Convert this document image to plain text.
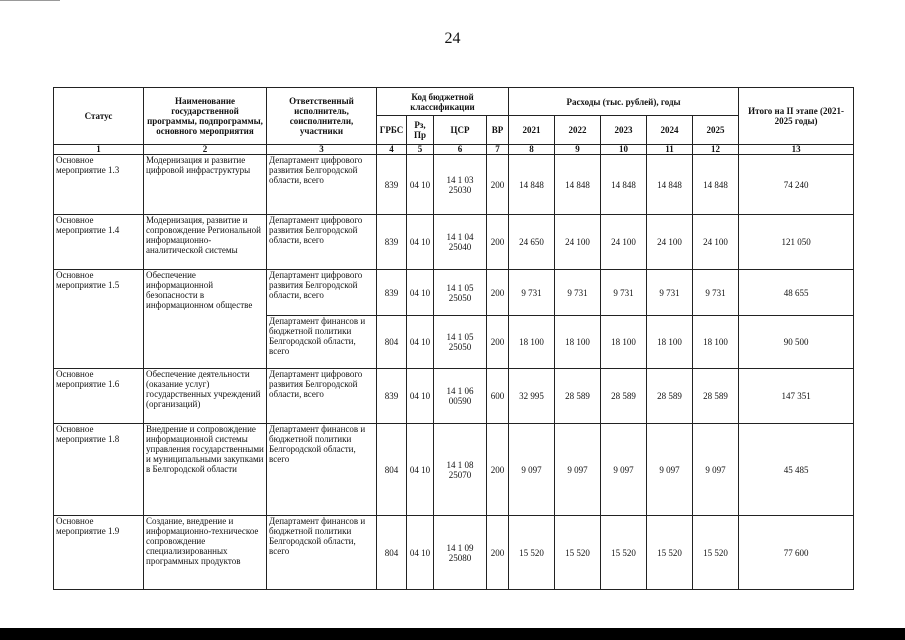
24
Статус	Наименование государственной программы, подпрограммы, основного мероприятия	Ответственный исполнитель, соисполнители, участники	Код бюджетной классификации				Расходы (тыс. рублей), годы					Итого на II этапе (2021-2025 годы)
			ГРБС	Рз, Пр	ЦСР	ВР	2021	2022	2023	2024	2025	
1	2	3	4	5	6	7	8	9	10	11	12	13
Основное мероприятие 1.3	Модернизация и развитие цифровой инфраструктуры	Департамент цифрового развития Белгородской области, всего	839	04 10	14 1 03 25030	200	14 848	14 848	14 848	14 848	14 848	74 240
Основное мероприятие 1.4	Модернизация, развитие и сопровождение Региональной информационно-аналитической системы	Департамент цифрового развития Белгородской области, всего	839	04 10	14 1 04 25040	200	24 650	24 100	24 100	24 100	24 100	121 050
Основное мероприятие 1.5	Обеспечение информационной безопасности в информационном обществе	Департамент цифрового развития Белгородской области, всего	839	04 10	14 1 05 25050	200	9 731	9 731	9 731	9 731	9 731	48 655
		Департамент финансов и бюджетной политики Белгородской области, всего	804	04 10	14 1 05 25050	200	18 100	18 100	18 100	18 100	18 100	90 500
Основное мероприятие 1.6	Обеспечение деятельности (оказание услуг) государственных учреждений (организаций)	Департамент цифрового развития Белгородской области, всего	839	04 10	14 1 06 00590	600	32 995	28 589	28 589	28 589	28 589	147 351
Основное мероприятие 1.8	Внедрение и сопровождение информационной системы управления государственными и муниципальными закупками в Белгородской области	Департамент финансов и бюджетной политики Белгородской области, всего	804	04 10	14 1 08 25070	200	9 097	9 097	9 097	9 097	9 097	45 485
Основное мероприятие 1.9	Создание, внедрение и информационно-техническое сопровождение специализированных программных продуктов	Департамент финансов и бюджетной политики Белгородской области, всего	804	04 10	14 1 09 25080	200	15 520	15 520	15 520	15 520	15 520	77 600
